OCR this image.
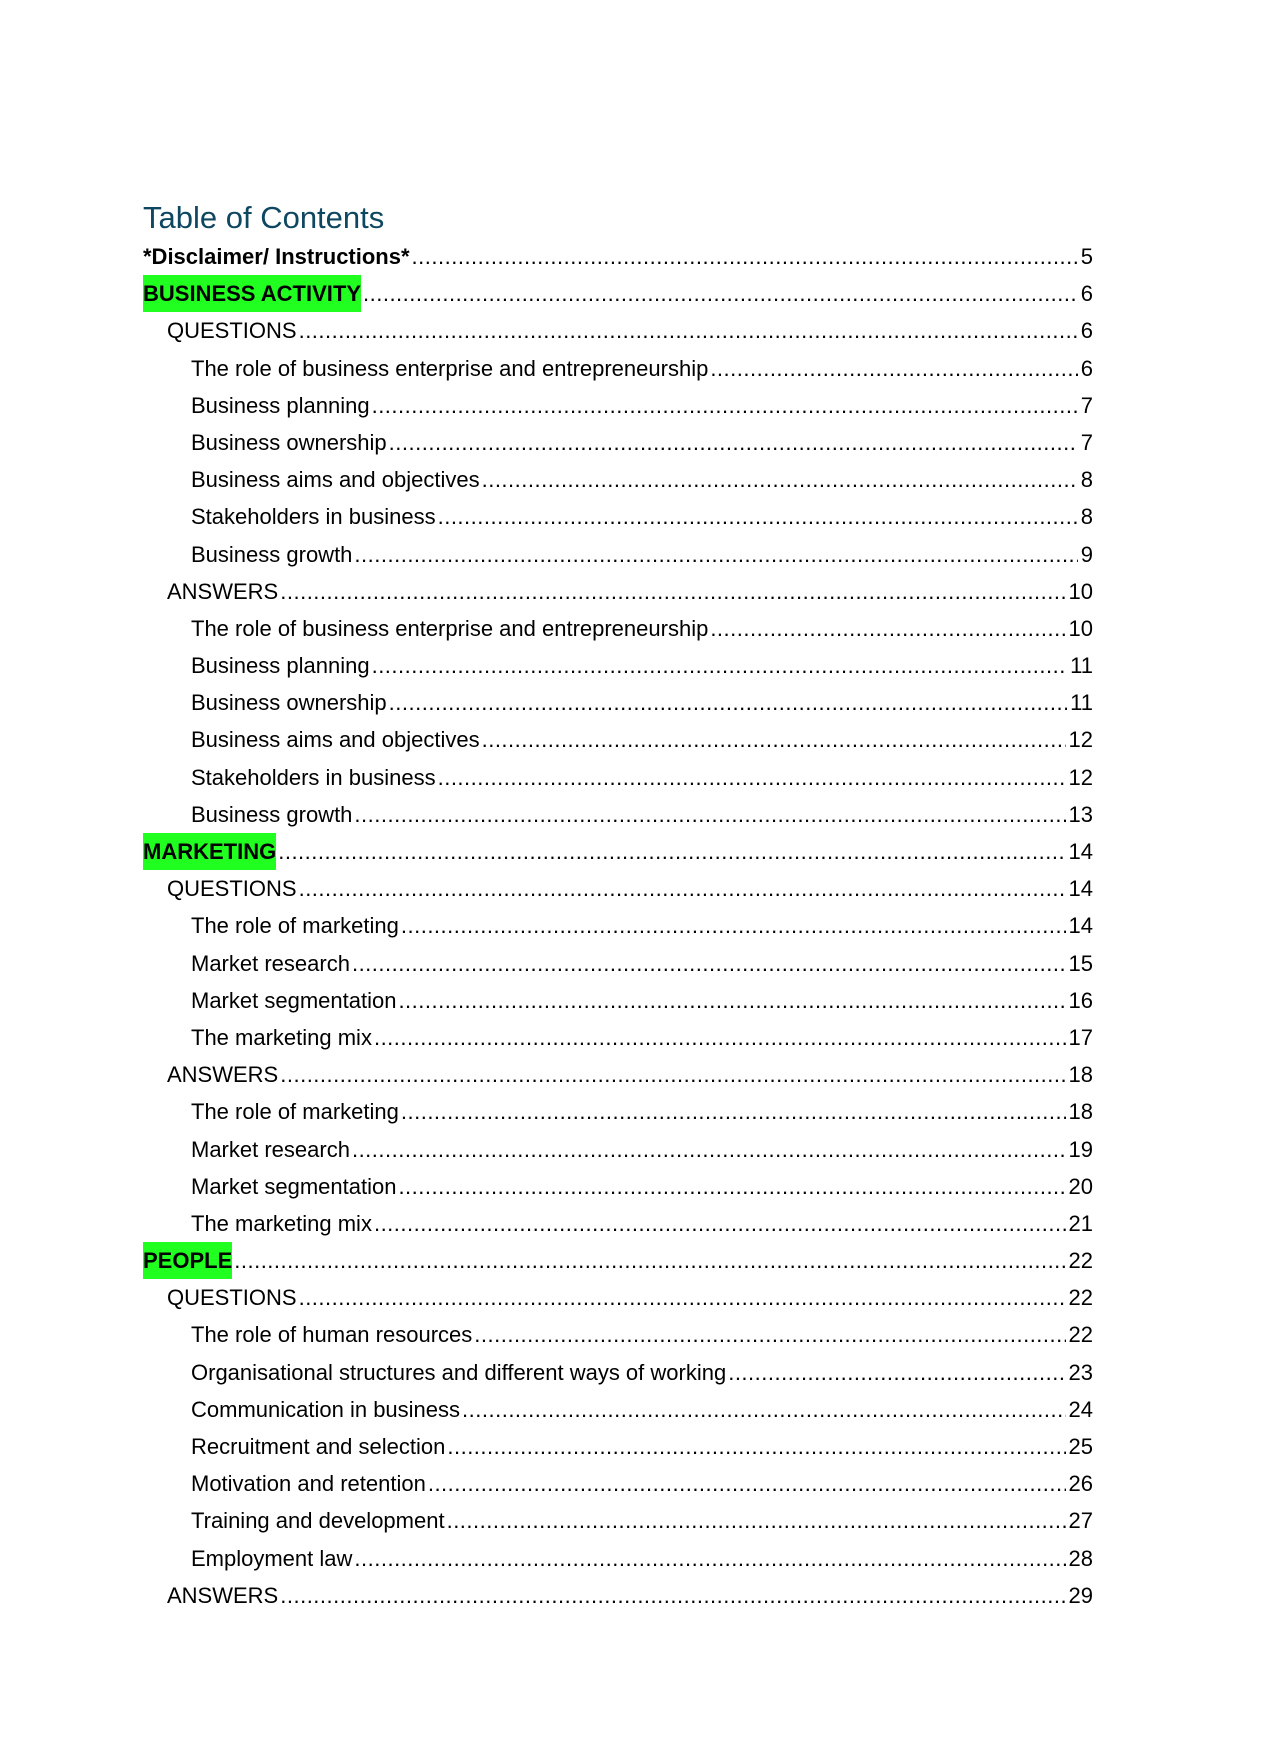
Table of Contents
*Disclaimer/ Instructions* .....	5
BUSINESS ACTIVITY .....	6
QUESTIONS .....	6
The role of business enterprise and entrepreneurship .....	6
Business planning .....	7
Business ownership .....	7
Business aims and objectives .....	8
Stakeholders in business .....	8
Business growth .....	9
ANSWERS .....	10
The role of business enterprise and entrepreneurship .....	10
Business planning .....	11
Business ownership .....	11
Business aims and objectives .....	12
Stakeholders in business .....	12
Business growth .....	13
MARKETING .....	14
QUESTIONS .....	14
The role of marketing .....	14
Market research .....	15
Market segmentation .....	16
The marketing mix .....	17
ANSWERS .....	18
The role of marketing .....	18
Market research .....	19
Market segmentation .....	20
The marketing mix .....	21
PEOPLE .....	22
QUESTIONS .....	22
The role of human resources .....	22
Organisational structures and different ways of working .....	23
Communication in business .....	24
Recruitment and selection .....	25
Motivation and retention .....	26
Training and development .....	27
Employment law .....	28
ANSWERS .....	29
